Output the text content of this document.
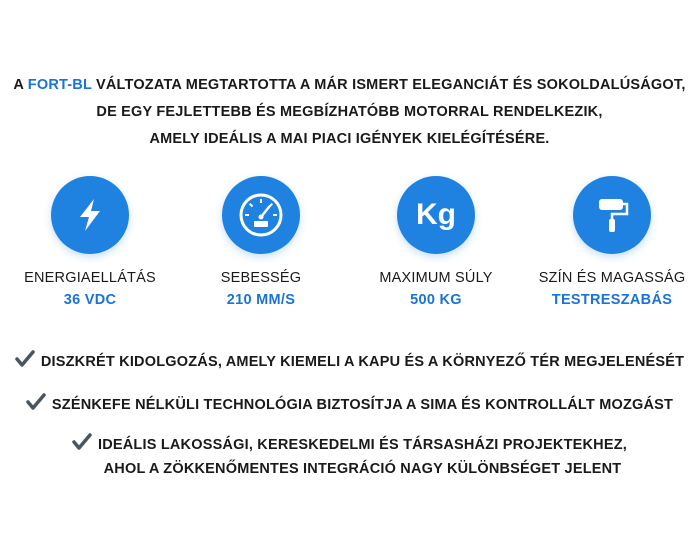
A FORT-BL VÁLTOZATA MEGTARTOTTA A MÁR ISMERT ELEGANCIÁT ÉS SOKOLDALÚSÁGOT,
DE EGY FEJLETTEBB ÉS MEGBÍZHATÓBB MOTORRAL RENDELKEZIK,
AMELY IDEÁLIS A MAI PIACI IGÉNYEK KIELÉGÍTÉSÉRE.
ENERGIAELLÁTÁS
36 VDC
SEBESSÉG
210 MM/S
Kg
MAXIMUM SÚLY
500 KG
SZÍN ÉS MAGASSÁG
TESTRESZABÁS
DISZKRÉT KIDOLGOZÁS, AMELY KIEMELI A KAPU ÉS A KÖRNYEZŐ TÉR MEGJELENÉSÉT
SZÉNKEFE NÉLKÜLI TECHNOLÓGIA BIZTOSÍTJA A SIMA ÉS KONTROLLÁLT MOZGÁST
IDEÁLIS LAKOSSÁGI, KERESKEDELMI ÉS TÁRSASHÁZI PROJEKTEKHEZ,
AHOL A ZÖKKENŐMENTES INTEGRÁCIÓ NAGY KÜLÖNBSÉGET JELENT
